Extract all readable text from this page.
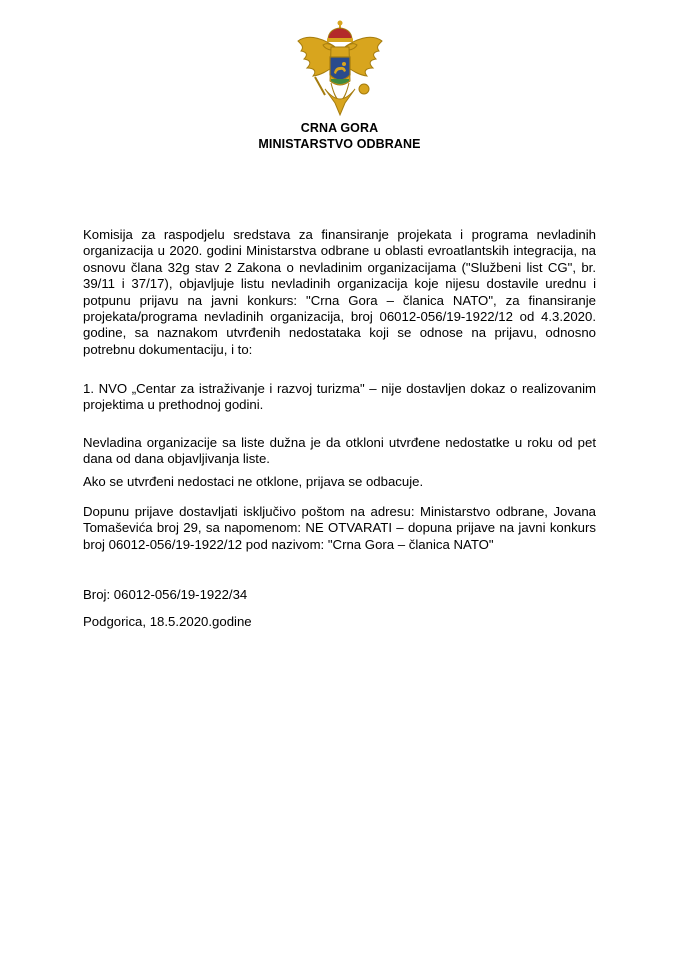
CRNA GORA
MINISTARSTVO ODBRANE

Komisija za raspodjelu sredstava za finansiranje projekata i programa nevladinih organizacija u 2020. godini Ministarstva odbrane u oblasti evroatlantskih integracija, na osnovu člana 32g stav 2 Zakona o nevladinim organizacijama ("Službeni list CG", br. 39/11 i 37/17), objavljuje listu nevladinih organizacija koje nijesu dostavile urednu i potpunu prijavu na javni konkurs: "Crna Gora – članica NATO", za finansiranje projekata/programa nevladinih organizacija, broj 06012-056/19-1922/12 od 4.3.2020. godine, sa naznakom utvrđenih nedostataka koji se odnose na prijavu, odnosno potrebnu dokumentaciju, i to:

1. NVO „Centar za istraživanje i razvoj turizma" – nije dostavljen dokaz o realizovanim projektima u prethodnoj godini.

Nevladina organizacije sa liste dužna je da otkloni utvrđene nedostatke u roku od pet dana od dana objavljivanja liste.

Ako se utvrđeni nedostaci ne otklone, prijava se odbacuje.

Dopunu prijave dostavljati isključivo poštom na adresu: Ministarstvo odbrane, Jovana Tomaševića broj 29, sa napomenom: NE OTVARATI – dopuna prijave na javni konkurs broj 06012-056/19-1922/12 pod nazivom: "Crna Gora – članica NATO"

Broj: 06012-056/19-1922/34

Podgorica, 18.5.2020.godine
